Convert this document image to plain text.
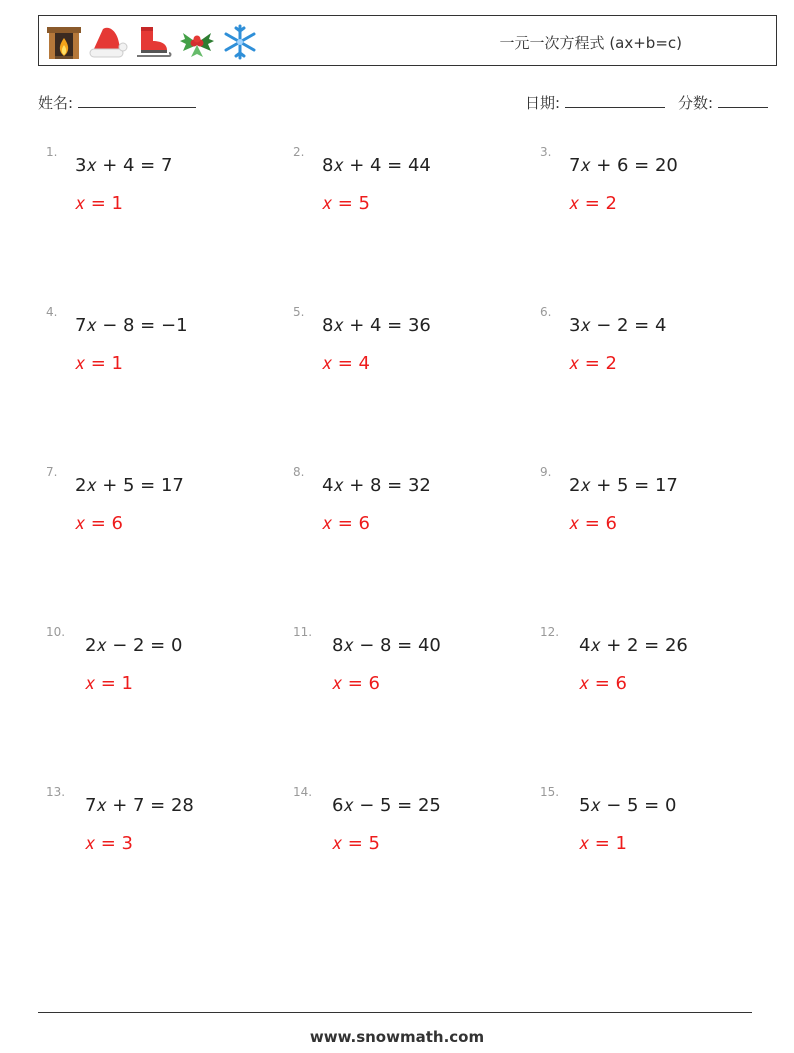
一元一次方程式 (ax+b=c)
姓名:	日期:	分数:
1.
3𝑥 + 4 = 7
𝑥 = 1
2.
8𝑥 + 4 = 44
𝑥 = 5
3.
7𝑥 + 6 = 20
𝑥 = 2
4.
7𝑥 − 8 = −1
𝑥 = 1
5.
8𝑥 + 4 = 36
𝑥 = 4
6.
3𝑥 − 2 = 4
𝑥 = 2
7.
2𝑥 + 5 = 17
𝑥 = 6
8.
4𝑥 + 8 = 32
𝑥 = 6
9.
2𝑥 + 5 = 17
𝑥 = 6
10.
2𝑥 − 2 = 0
𝑥 = 1
11.
8𝑥 − 8 = 40
𝑥 = 6
12.
4𝑥 + 2 = 26
𝑥 = 6
13.
7𝑥 + 7 = 28
𝑥 = 3
14.
6𝑥 − 5 = 25
𝑥 = 5
15.
5𝑥 − 5 = 0
𝑥 = 1
www.snowmath.com
